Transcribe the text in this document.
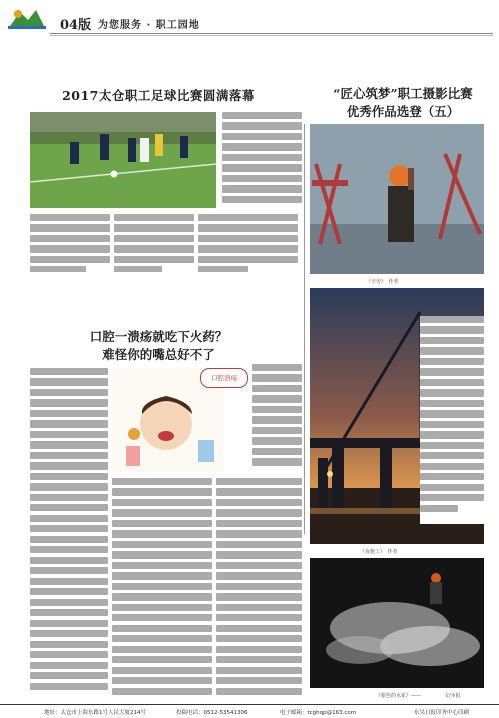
04版 为您服务 · 职工园地
2017太仓职工足球比赛圆满落幕	“匠心筑梦”职工摄影比赛
优秀作品选登（五）
《辛劳》　作者
《夜施工》　作者
《银色的水花》——	文/本报
口腔一溃疡就吃下火药？
难怪你的嘴总好不了
口腔溃疡
地址：太仓市上海东路1号人民大厦214号	投稿电话：0512-53541306	电子邮箱：tcghqp@163.com	东吴日报印务中心印刷
